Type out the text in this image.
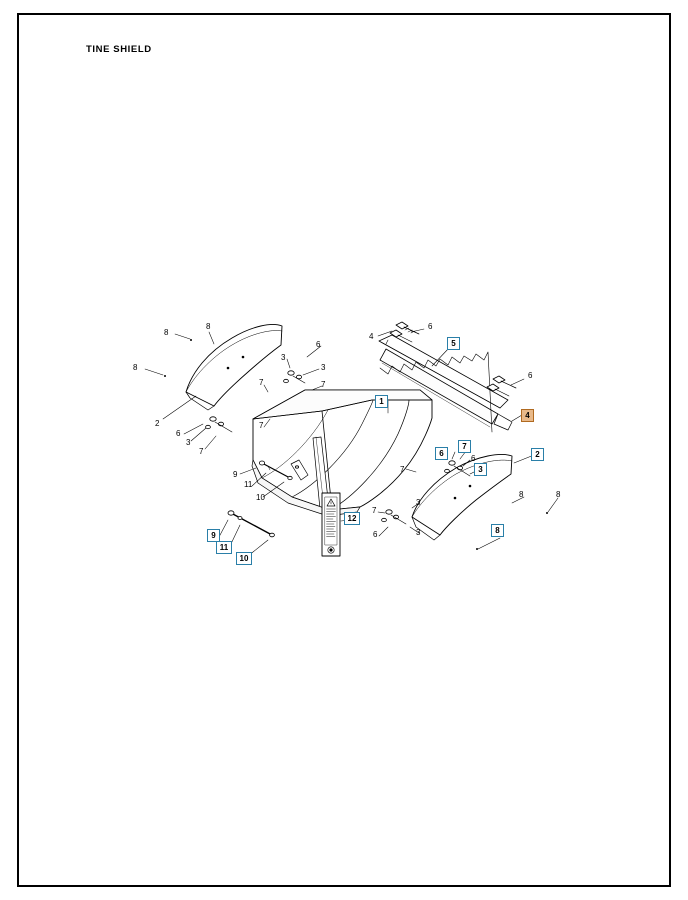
TINE SHIELD
1
2
2
3
3
3
3
3
3
4
4
5
6
6
6
6
6
6
6
7
7
7
7
7
7
7
8
8
8
8	8
8
9
9
10
10
11
11
12
